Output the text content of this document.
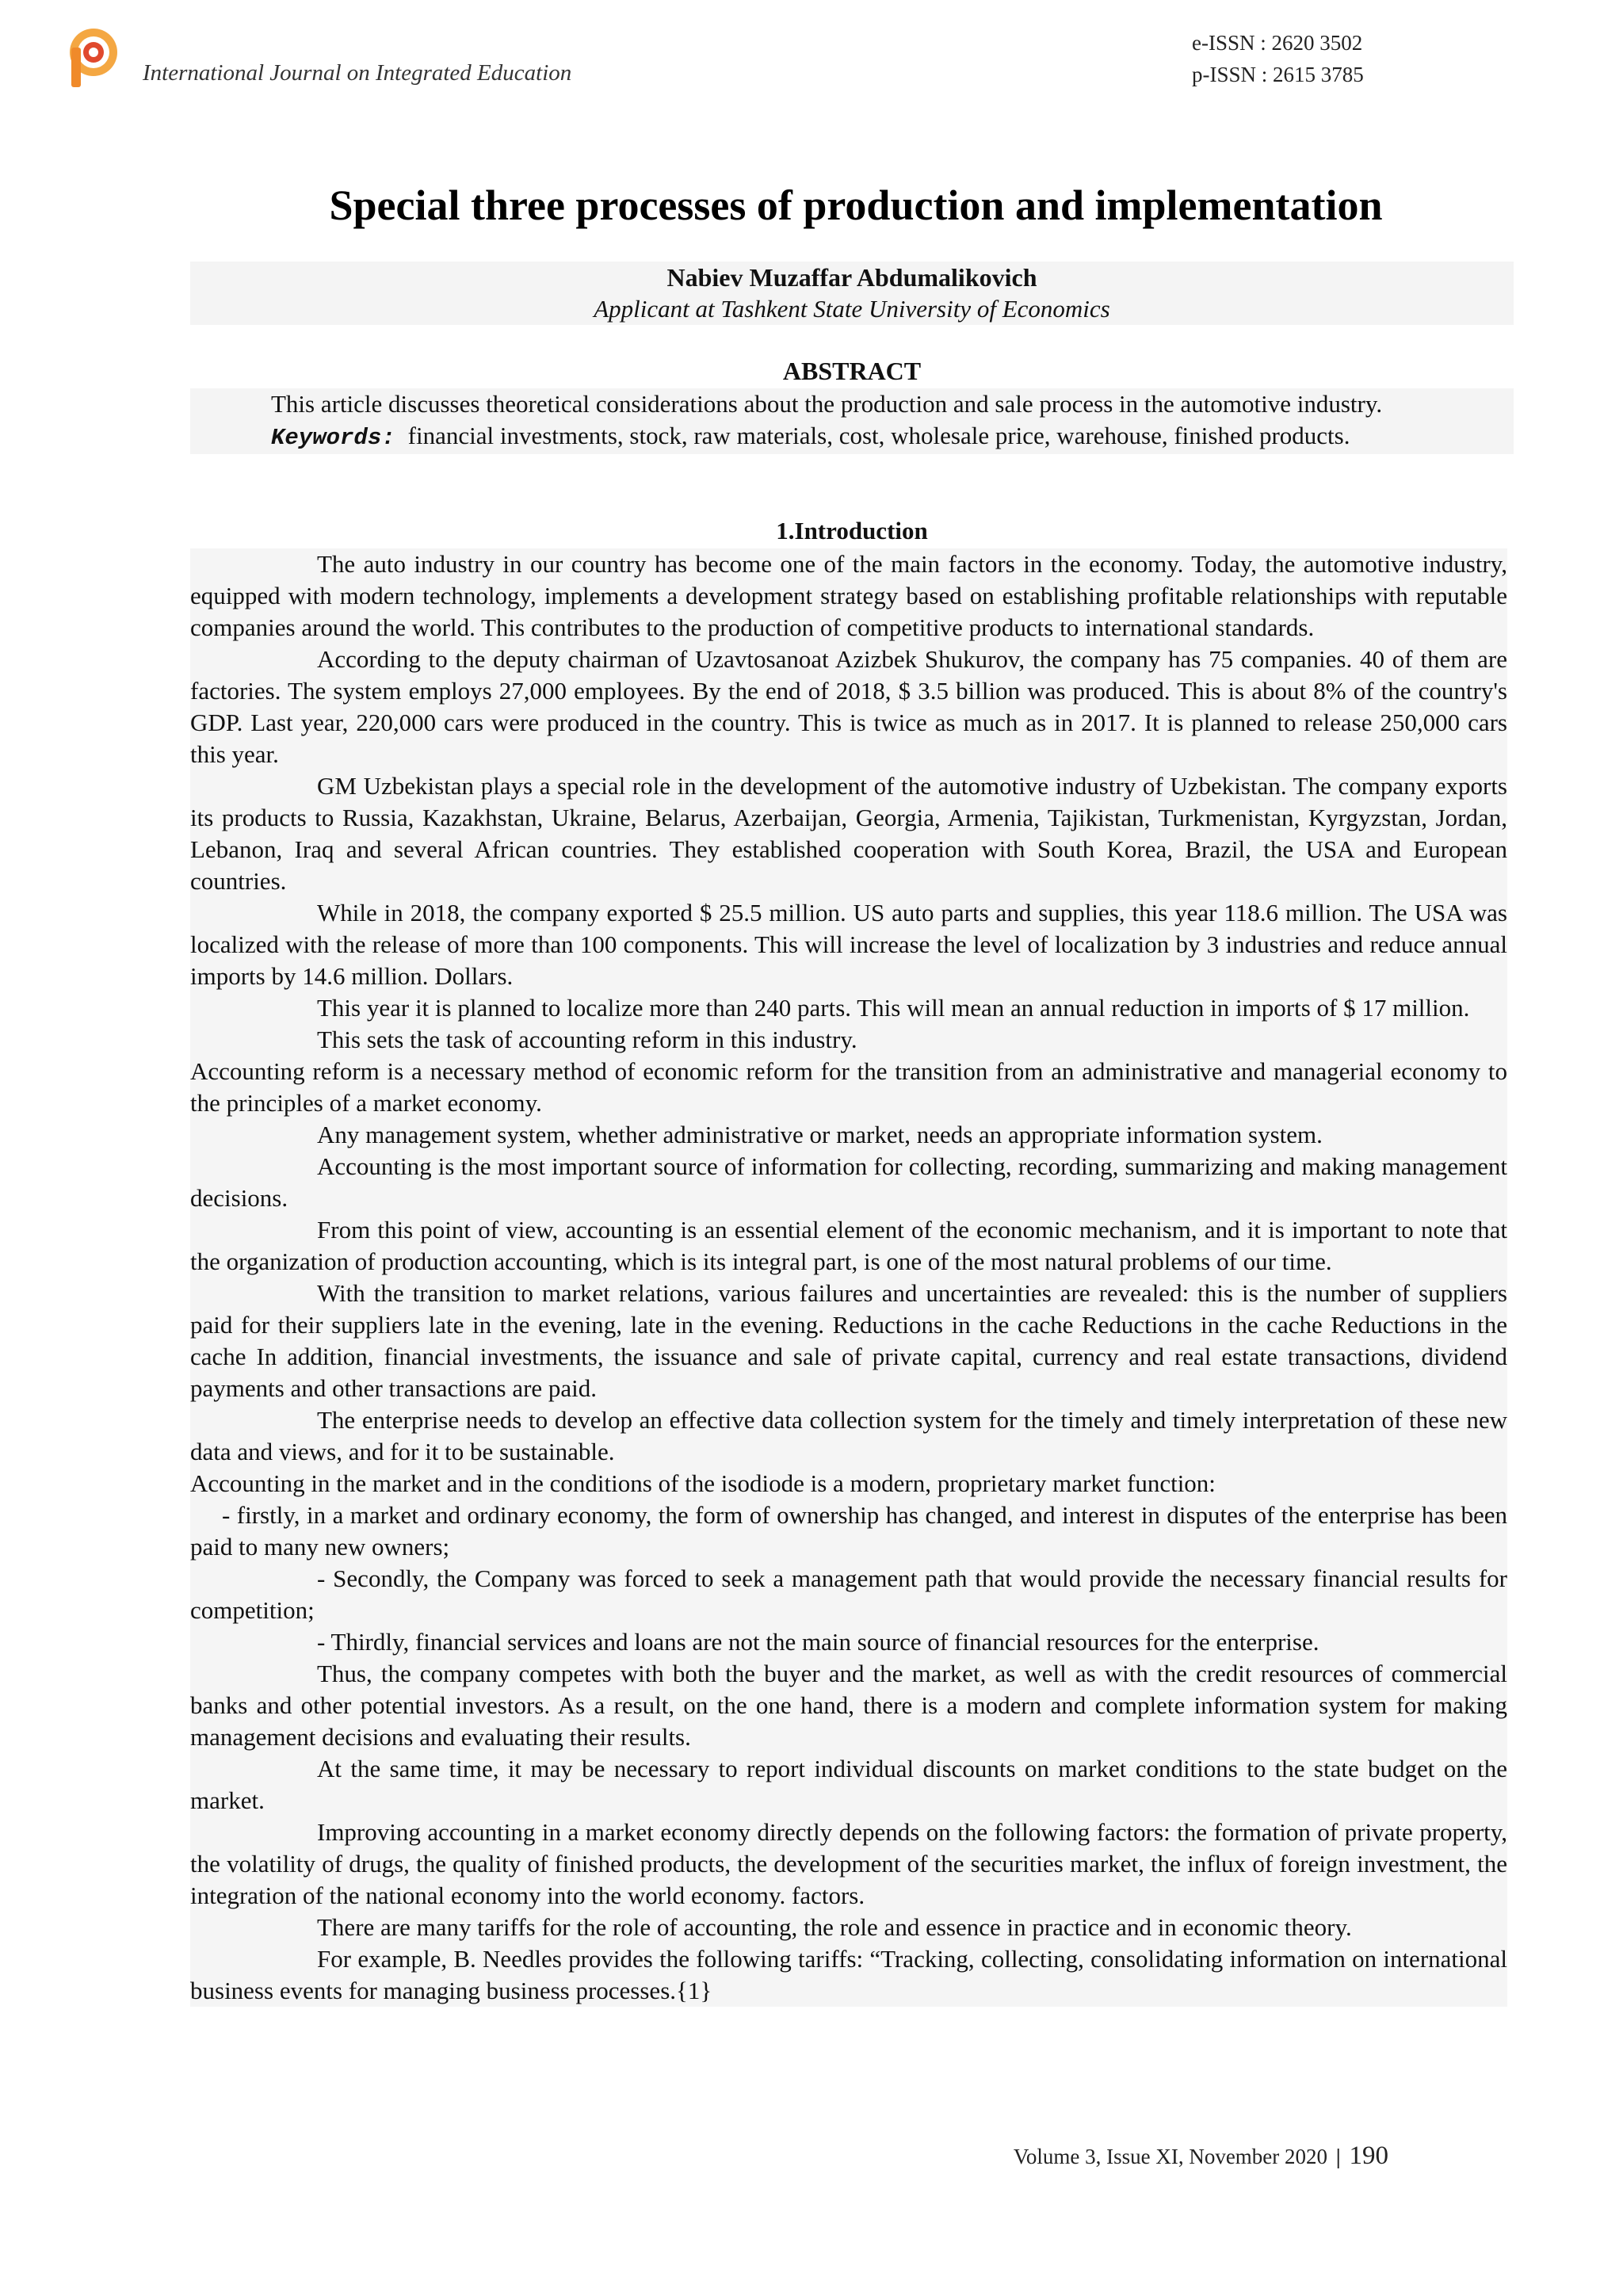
International Journal on Integrated Education
e-ISSN : 2620 3502
p-ISSN : 2615 3785
Special three processes of production and implementation
Nabiev Muzaffar Abdumalikovich
Applicant at Tashkent State University of Economics
ABSTRACT
This article discusses theoretical considerations about the production and sale process in the automotive industry.
Keywords: financial investments, stock, raw materials, cost, wholesale price, warehouse, finished products.
1.Introduction

The auto industry in our country has become one of the main factors in the economy. Today, the automotive industry, equipped with modern technology, implements a development strategy based on establishing profitable relationships with reputable companies around the world. This contributes to the production of competitive products to international standards.

According to the deputy chairman of Uzavtosanoat Azizbek Shukurov, the company has 75 companies. 40 of them are factories. The system employs 27,000 employees. By the end of 2018, $ 3.5 billion was produced. This is about 8% of the country's GDP. Last year, 220,000 cars were produced in the country. This is twice as much as in 2017. It is planned to release 250,000 cars this year.

GM Uzbekistan plays a special role in the development of the automotive industry of Uzbekistan. The company exports its products to Russia, Kazakhstan, Ukraine, Belarus, Azerbaijan, Georgia, Armenia, Tajikistan, Turkmenistan, Kyrgyzstan, Jordan, Lebanon, Iraq and several African countries. They established cooperation with South Korea, Brazil, the USA and European countries.

While in 2018, the company exported $ 25.5 million. US auto parts and supplies, this year 118.6 million. The USA was localized with the release of more than 100 components. This will increase the level of localization by 3 industries and reduce annual imports by 14.6 million. Dollars.

This year it is planned to localize more than 240 parts. This will mean an annual reduction in imports of $ 17 million.

This sets the task of accounting reform in this industry.

Accounting reform is a necessary method of economic reform for the transition from an administrative and managerial economy to the principles of a market economy.

Any management system, whether administrative or market, needs an appropriate information system.

Accounting is the most important source of information for collecting, recording, summarizing and making management decisions.

From this point of view, accounting is an essential element of the economic mechanism, and it is important to note that the organization of production accounting, which is its integral part, is one of the most natural problems of our time.

With the transition to market relations, various failures and uncertainties are revealed: this is the number of suppliers paid for their suppliers late in the evening, late in the evening. Reductions in the cache Reductions in the cache Reductions in the cache In addition, financial investments, the issuance and sale of private capital, currency and real estate transactions, dividend payments and other transactions are paid.

The enterprise needs to develop an effective data collection system for the timely and timely interpretation of these new data and views, and for it to be sustainable.

Accounting in the market and in the conditions of the isodiode is a modern, proprietary market function:

- firstly, in a market and ordinary economy, the form of ownership has changed, and interest in disputes of the enterprise has been paid to many new owners;

- Secondly, the Company was forced to seek a management path that would provide the necessary financial results for competition;

- Thirdly, financial services and loans are not the main source of financial resources for the enterprise.

Thus, the company competes with both the buyer and the market, as well as with the credit resources of commercial banks and other potential investors. As a result, on the one hand, there is a modern and complete information system for making management decisions and evaluating their results.

At the same time, it may be necessary to report individual discounts on market conditions to the state budget on the market.

Improving accounting in a market economy directly depends on the following factors: the formation of private property, the volatility of drugs, the quality of finished products, the development of the securities market, the influx of foreign investment, the integration of the national economy into the world economy. factors.

There are many tariffs for the role of accounting, the role and essence in practice and in economic theory.

For example, B. Needles provides the following tariffs: “Tracking, collecting, consolidating information on international business events for managing business processes.{1}

Volume 3, Issue XI, November 2020 | 190
